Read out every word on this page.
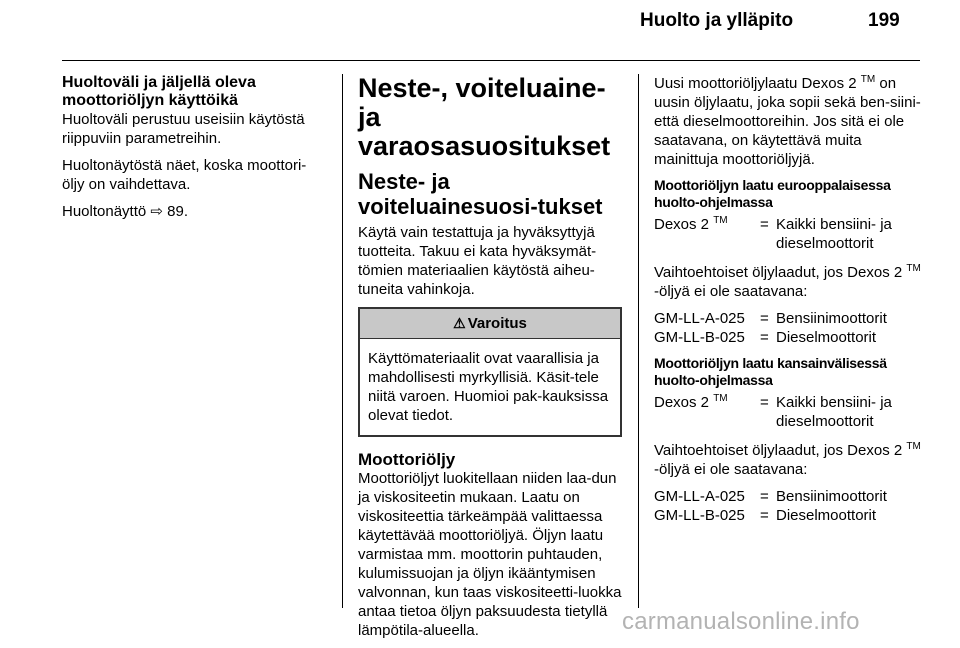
Huolto ja ylläpito	199
Huoltoväli ja jäljellä oleva moottoriöljyn käyttöikä
Huoltoväli perustuu useisiin käytöstä riippuviin parametreihin.
Huoltonäytöstä näet, koska moottori-öljy on vaihdettava.
Huoltonäyttö ⇨ 89.
Neste-, voiteluaine- ja varaosasuositukset
Neste- ja voiteluainesuosi-tukset
Käytä vain testattuja ja hyväksyttyjä tuotteita. Takuu ei kata hyväksymät-tömien materiaalien käytöstä aiheu-tuneita vahinkoja.
⚠ Varoitus
Käyttömateriaalit ovat vaarallisia ja mahdollisesti myrkyllisiä. Käsit-tele niitä varoen. Huomioi pak-kauksissa olevat tiedot.
Moottoriöljy
Moottoriöljyt luokitellaan niiden laa-dun ja viskositeetin mukaan. Laatu on viskositeettia tärkeämpää valittaessa käytettävää moottoriöljyä. Öljyn laatu varmistaa mm. moottorin puhtauden, kulumissuojan ja öljyn ikääntymisen valvonnan, kun taas viskositeetti-luokka antaa tietoa öljyn paksuudesta tietyllä lämpötila-alueella.
Uusi moottoriöljylaatu Dexos 2 ™ on uusin öljylaatu, joka sopii sekä ben-siini- että dieselmoottoreihin. Jos sitä ei ole saatavana, on käytettävä muita mainittuja moottoriöljyjä.
Moottoriöljyn laatu eurooppalaisessa huolto-ohjelmassa
Dexos 2 ™	= Kaikki bensiini- ja dieselmoottorit
Vaihtoehtoiset öljylaadut, jos Dexos 2 ™ -öljyä ei ole saatavana:
GM-LL-A-025	= Bensiinimoottorit
GM-LL-B-025	= Dieselmoottorit
Moottoriöljyn laatu kansainvälisessä huolto-ohjelmassa
Dexos 2 ™	= Kaikki bensiini- ja dieselmoottorit
Vaihtoehtoiset öljylaadut, jos Dexos 2 ™ -öljyä ei ole saatavana:
GM-LL-A-025	= Bensiinimoottorit
GM-LL-B-025	= Dieselmoottorit
carmanualsonline.info
